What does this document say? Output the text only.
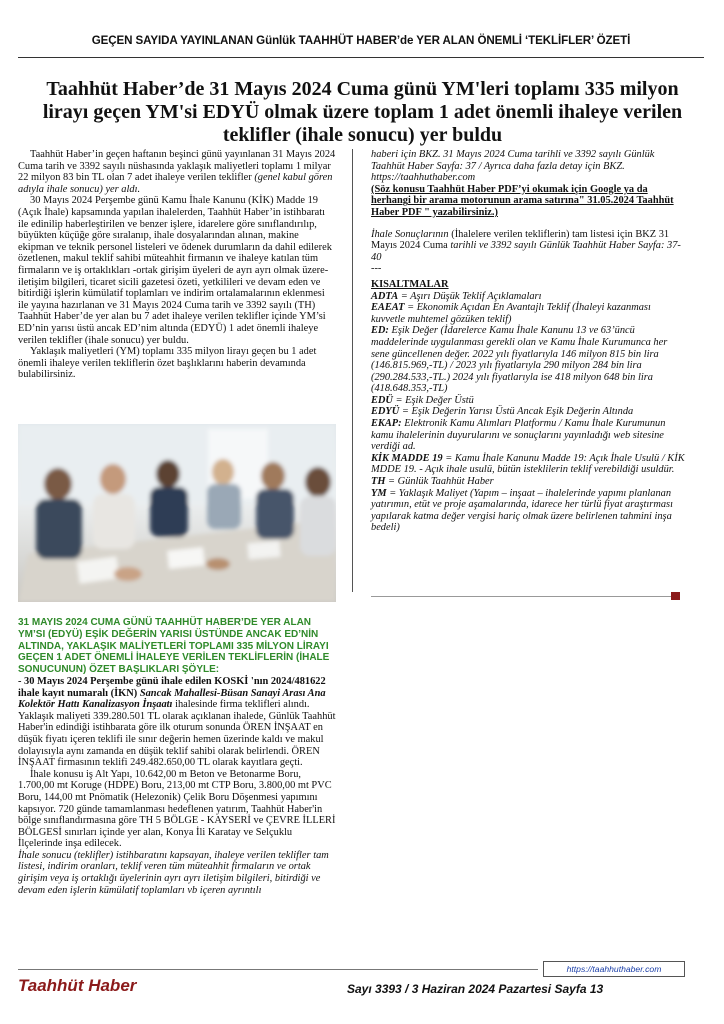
GEÇEN SAYIDA YAYINLANAN Günlük TAAHHÜT HABER’de YER ALAN ÖNEMLİ ‘TEKLİFLER’ ÖZETİ
Taahhüt Haber’de 31 Mayıs 2024 Cuma günü YM'leri toplamı 335 milyon lirayı geçen YM'si EDYÜ olmak üzere toplam 1 adet önemli ihaleye verilen teklifler (ihale sonucu) yer buldu

Taahhüt Haber’in geçen haftanın beşinci günü yayınlanan 31 Mayıs 2024 Cuma tarih ve 3392 sayılı nüshasında yaklaşık maliyetleri toplamı 1 milyar 22 milyon 83 bin TL olan 7 adet ihaleye verilen teklifler (genel kabul gören adıyla ihale sonucu) yer aldı.

30 Mayıs 2024 Perşembe günü Kamu İhale Kanunu (KİK) Madde 19 (Açık İhale) kapsamında yapılan ihalelerden, Taahhüt Haber’in istihbaratı ile edinilip haberleştirilen ve benzer işlere, idarelere göre sınıflandırılıp, büyükten küçüğe göre sıralanıp, ihale dosyalarından alınan, makine ekipman ve teknik personel listeleri ve ödenek durumların da dahil edilerek özetlenen, makul teklif sahibi müteahhit firmanın ve ihaleye katılan tüm firmaların ve iş ortaklıkları -ortak girişim üyeleri de ayrı ayrı olmak üzere- iletişim bilgileri, ticaret sicili gazetesi özeti, yetkilileri ve devam eden ve bitirdiği işlerin kümülatif toplamları ve indirim ortalamalarının eklenmesi ile yayına hazırlanan ve 31 Mayıs 2024 Cuma tarih ve 3392 sayılı (TH) Taahhüt Haber’de yer alan bu 7 adet ihaleye verilen teklifler içinde YM’si ED’nin yarısı üstü ancak ED’nim altında (EDYÜ) 1 adet önemli ihaleye verilen teklifler (ihale sonucu) yer buldu.

Yaklaşık maliyetleri (YM) toplamı 335 milyon lirayı geçen bu 1 adet önemli ihaleye verilen tekliflerin özet başlıklarını haberin devamında bulabilirsiniz.

31 MAYIS 2024 CUMA GÜNÜ TAAHHÜT HABER’DE YER ALAN YM’SI (EDYÜ) EŞİK DEĞERİN YARISI ÜSTÜNDE ANCAK ED’NİN ALTINDA, YAKLAŞIK MALİYETLERİ TOPLAMI 335 MİLYON LİRAYI GEÇEN 1 ADET ÖNEMLİ İHALEYE VERİLEN TEKLİFLERİN (İHALE SONUCUNUN) ÖZET BAŞLIKLARI ŞÖYLE:

- 30 Mayıs 2024 Perşembe günü ihale edilen KOSKİ 'nın 2024/481622 ihale kayıt numaralı (İKN) Sancak Mahallesi-Büsan Sanayi Arası Ana Kolektör Hattı Kanalizasyon İnşaatı ihalesinde firma teklifleri alındı. Yaklaşık maliyeti 339.280.501 TL olarak açıklanan ihalede, Günlük Taahhüt Haber'in edindiği istihbarata göre ilk oturum sonunda ÖREN İNŞAAT en düşük fiyatı içeren teklifi ile sınır değerin hemen üzerinde kaldı ve makul dolayısıyla aynı zamanda en düşük teklif sahibi olarak belirlendi. ÖREN İNŞAAT firmasının teklifi 249.482.650,00 TL olarak kayıtlara geçti.

İhale konusu iş Alt Yapı, 10.642,00 m Beton ve Betonarme Boru, 1.700,00 mt Koruge (HDPE) Boru, 213,00 mt CTP Boru, 3.800,00 mt PVC Boru, 144,00 mt Pnömatik (Helezonik) Çelik Boru Döşenmesi yapımını kapsıyor. 720 günde tamamlanması hedeflenen yatırım, Taahhüt Haber'in bölge sınıflandırmasına göre TH 5 BÖLGE - KAYSERİ ve ÇEVRE İLLERİ BÖLGESİ sınırları içinde yer alan, Konya İli Karatay ve Selçuklu İlçelerinde inşa edilecek.

İhale sonucu (teklifler) istihbaratını kapsayan, ihaleye verilen teklifler tam listesi, indirim oranları, teklif veren tüm müteahhit firmaların ve ortak girişim veya iş ortaklığı üyelerinin ayrı ayrı iletişim bilgileri, bitirdiği ve devam eden işlerin kümülatif toplamları vb içeren ayrıntılı

haberi için BKZ. 31 Mayıs 2024 Cuma tarihli ve 3392 sayılı Günlük Taahhüt Haber Sayfa: 37 / Ayrıca daha fazla detay için BKZ. https://taahhuthaber.com

(Söz konusu Taahhüt Haber PDF’yi okumak için Google ya da herhangi bir arama motorunun arama satırına" 31.05.2024 Taahhüt Haber PDF " yazabilirsiniz.)

İhale Sonuçlarının (İhalelere verilen tekliflerin) tam listesi için BKZ 31 Mayıs 2024 Cuma tarihli ve 3392 sayılı Günlük Taahhüt Haber Sayfa: 37-40

---

KISALTMALAR

ADTA = Aşırı Düşük Teklif Açıklamaları

EAEAT = Ekonomik Açıdan En Avantajlı Teklif (İhaleyi kazanması kuvvetle muhtemel gözüken teklif)

ED: Eşik Değer (İdarelerce Kamu İhale Kanunu 13 ve 63’üncü maddelerinde uygulanması gerekli olan ve Kamu İhale Kurumunca her sene güncellenen değer. 2022 yılı fiyatlarıyla 146 milyon 815 bin lira (146.815.969,-TL) / 2023 yılı fiyatlarıyla 290 milyon 284 bin lira (290.284.533,-TL.) 2024 yılı fiyatlarıyla ise 418 milyon 648 bin lira (418.648.353,-TL)

EDÜ = Eşik Değer Üstü

EDYÜ = Eşik Değerin Yarısı Üstü Ancak Eşik Değerin Altında

EKAP: Elektronik Kamu Alımları Platformu / Kamu İhale Kurumunun kamu ihalelerinin duyurularını ve sonuçlarını yayınladığı web sitesine verdiği ad.

KİK MADDE 19 = Kamu İhale Kanunu Madde 19: Açık İhale Usulü / KİK MDDE 19. - Açık ihale usulü, bütün isteklilerin teklif verebildiği usuldür.

TH = Günlük Taahhüt Haber

YM = Yaklaşık Maliyet (Yapım – inşaat – ihalelerinde yapımı planlanan yatırımın, etüt ve proje aşamalarında, idarece her türlü fiyat araştırması yapılarak katma değer vergisi hariç olmak üzere belirlenen tahmini inşa bedeli)

https://taahhuthaber.com
Taahhüt Haber	Sayı 3393 / 3 Haziran 2024 Pazartesi Sayfa 13
